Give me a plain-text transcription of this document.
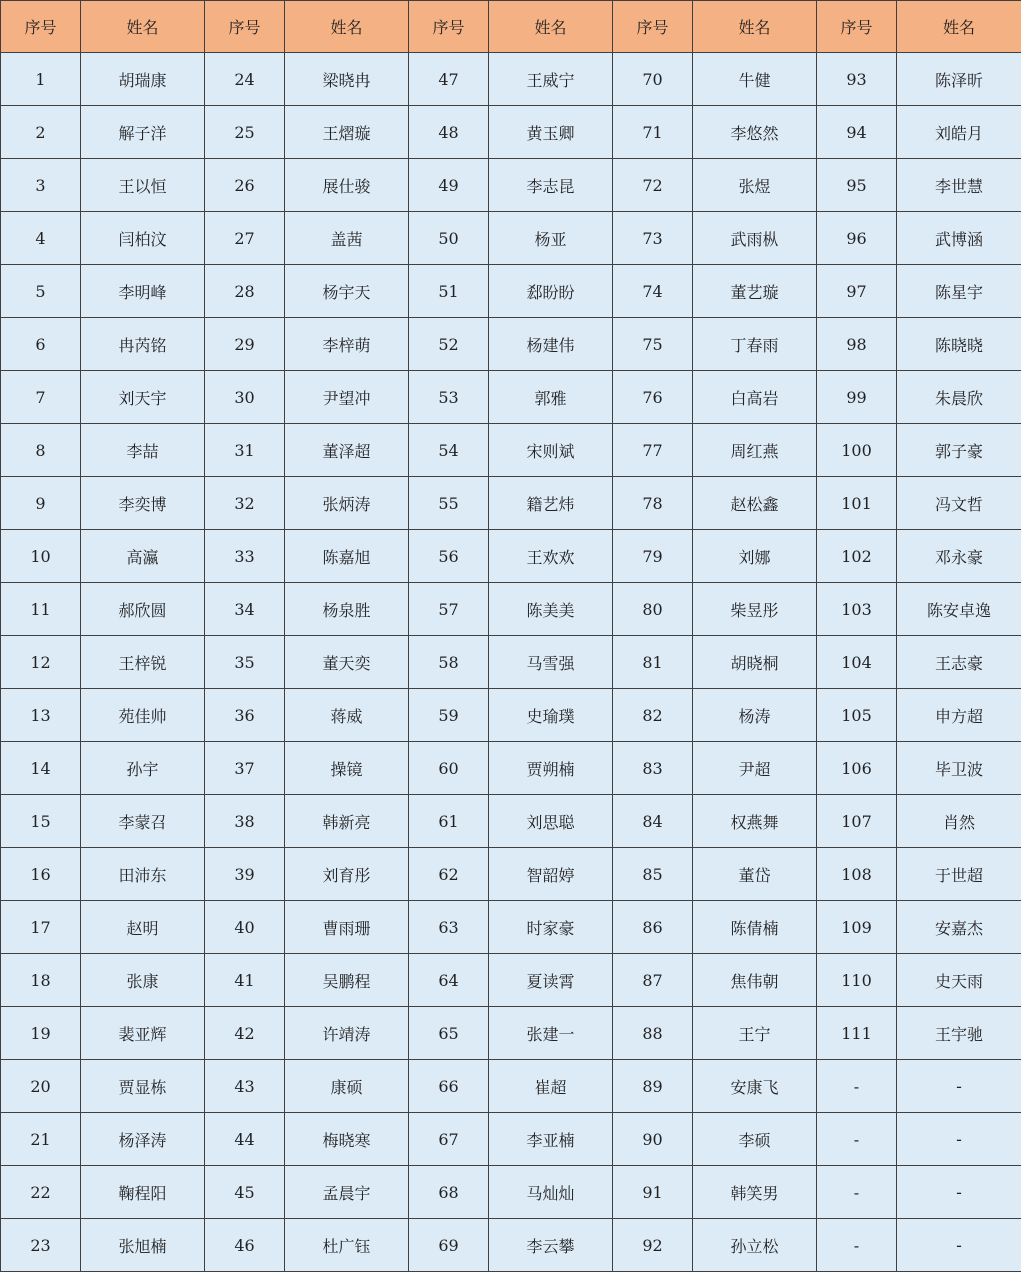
序号	姓名	序号	姓名	序号	姓名	序号	姓名	序号	姓名
1	胡瑞康	24	梁晓冉	47	王威宁	70	牛健	93	陈泽昕
2	解子洋	25	王熠璇	48	黄玉卿	71	李悠然	94	刘皓月
3	王以恒	26	展仕骏	49	李志昆	72	张煜	95	李世慧
4	闫柏汶	27	盖茜	50	杨亚	73	武雨枞	96	武博涵
5	李明峰	28	杨宇天	51	郄盼盼	74	董艺璇	97	陈星宇
6	冉芮铭	29	李梓萌	52	杨建伟	75	丁春雨	98	陈晓晓
7	刘天宇	30	尹望冲	53	郭雅	76	白高岩	99	朱晨欣
8	李喆	31	董泽超	54	宋则斌	77	周红燕	100	郭子豪
9	李奕博	32	张炳涛	55	籍艺炜	78	赵松鑫	101	冯文哲
10	高瀛	33	陈嘉旭	56	王欢欢	79	刘娜	102	邓永豪
11	郝欣圆	34	杨泉胜	57	陈美美	80	柴昱彤	103	陈安卓逸
12	王梓锐	35	董天奕	58	马雪强	81	胡晓桐	104	王志豪
13	苑佳帅	36	蒋威	59	史瑜璞	82	杨涛	105	申方超
14	孙宇	37	操镜	60	贾朔楠	83	尹超	106	毕卫波
15	李蒙召	38	韩新亮	61	刘思聪	84	权燕舞	107	肖然
16	田沛东	39	刘育彤	62	智韶婷	85	董岱	108	于世超
17	赵明	40	曹雨珊	63	时家豪	86	陈倩楠	109	安嘉杰
18	张康	41	吴鹏程	64	夏读霄	87	焦伟朝	110	史天雨
19	裴亚辉	42	许靖涛	65	张建一	88	王宁	111	王宇驰
20	贾显栋	43	康硕	66	崔超	89	安康飞	-	-
21	杨泽涛	44	梅晓寒	67	李亚楠	90	李硕	-	-
22	鞠程阳	45	孟晨宇	68	马灿灿	91	韩笑男	-	-
23	张旭楠	46	杜广钰	69	李云攀	92	孙立松	-	-
